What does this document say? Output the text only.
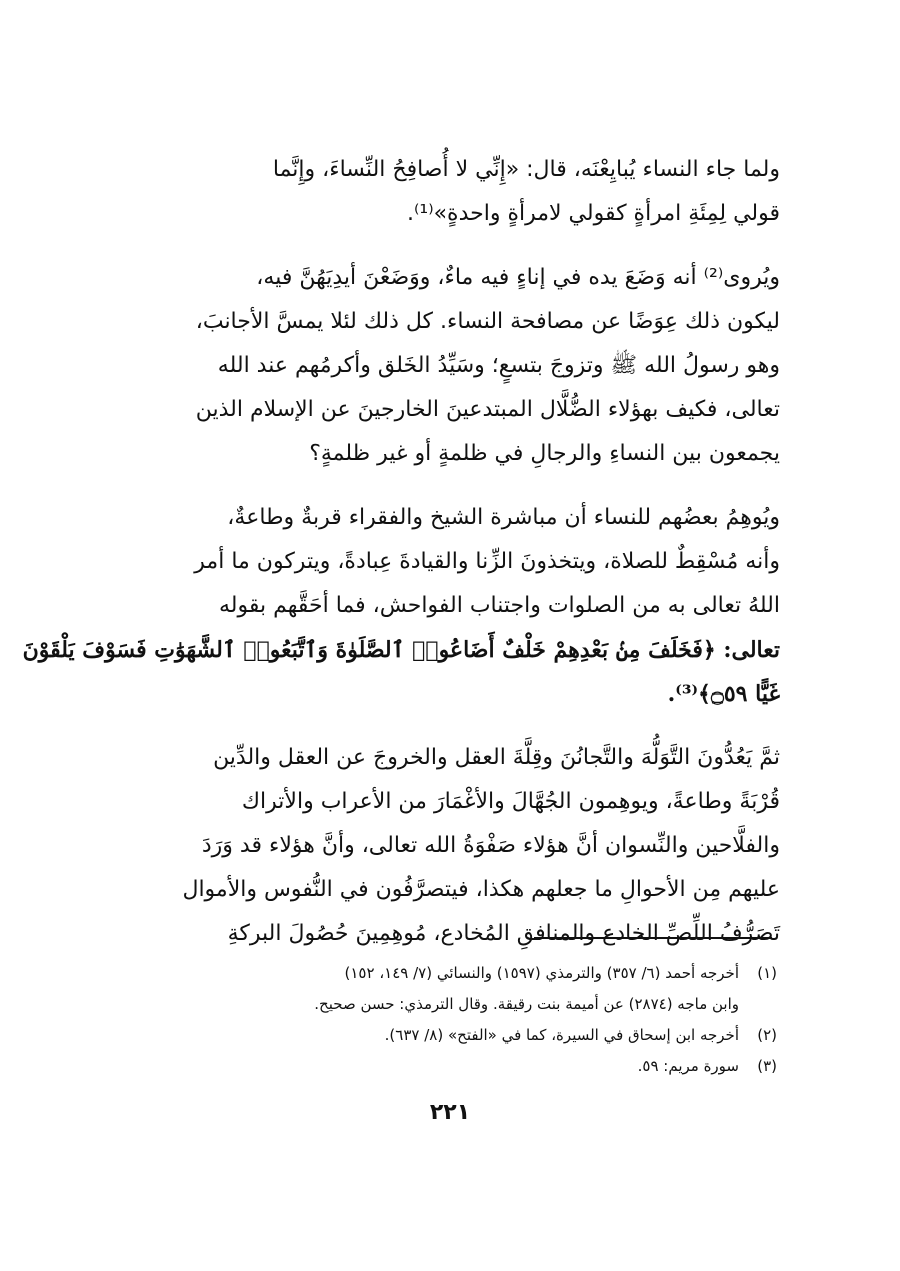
ولما جاء النساء يُبايِعْنَه، قال: «إِنِّي لا أُصافِحُ النِّساءَ، وإِنَّما
قولي لِمِئَةِ امرأةٍ كقولي لامرأةٍ واحدةٍ»⁽¹⁾.

ويُروى⁽²⁾ أنه وَضَعَ يده في إناءٍ فيه ماءٌ، ووَضَعْنَ أيدِيَهُنَّ فيه،
ليكون ذلك عِوَضًا عن مصافحة النساء. كل ذلك لئلا يمسَّ الأجانبَ،
وهو رسولُ الله ﷺ وتزوجَ بتسعٍ؛ وسَيِّدُ الخَلق وأكرمُهم عند الله
تعالى، فكيف بهؤلاء الضُّلَّال المبتدعينَ الخارجينَ عن الإسلام الذين
يجمعون بين النساءِ والرجالِ في ظلمةٍ أو غير ظلمةٍ؟

ويُوهِمُ بعضُهم للنساء أن مباشرة الشيخ والفقراء قربةٌ وطاعةٌ،
وأنه مُسْقِطٌ للصلاة، ويتخذونَ الزِّنا والقيادةَ عِبادةً، ويتركون ما أمر
اللهُ تعالى به من الصلوات واجتناب الفواحش، فما أحَقَّهم بقوله
تعالى: ﴿فَخَلَفَ مِنۢ بَعْدِهِمْ خَلْفٌ أَضَاعُوا۟ ٱلصَّلَوٰةَ وَٱتَّبَعُوا۟ ٱلشَّهَوَٰتِ فَسَوْفَ يَلْقَوْنَ
غَيًّا ۝٥٩﴾⁽³⁾.

ثمَّ يَعُدُّونَ التَّوَلُّهَ والتَّجانُنَ وقِلَّةَ العقل والخروجَ عن العقل والدِّين
قُرْبَةً وطاعةً، ويوهِمون الجُهَّالَ والأغْمَارَ من الأعراب والأتراك
والفلَّاحين والنِّسوان أنَّ هؤلاء صَفْوَةُ الله تعالى، وأنَّ هؤلاء قد وَرَدَ
عليهم مِن الأحوالِ ما جعلهم هكذا، فيتصرَّفُون في النُّفوس والأموال
تَصَرُّفُ اللِّصِّ الخادع والمنافقِ المُخادع، مُوهِمِينَ حُصُولَ البركةِ

(١)أخرجه أحمد (٦/ ٣٥٧) والترمذي (١٥٩٧) والنسائي (٧/ ١٤٩، ١٥٢)
وابن ماجه (٢٨٧٤) عن أميمة بنت رقيقة. وقال الترمذي: حسن صحيح.
(٢)أخرجه ابن إسحاق في السيرة، كما في «الفتح» (٨/ ٦٣٧).
(٣)سورة مريم: ٥٩.
٢٢١
